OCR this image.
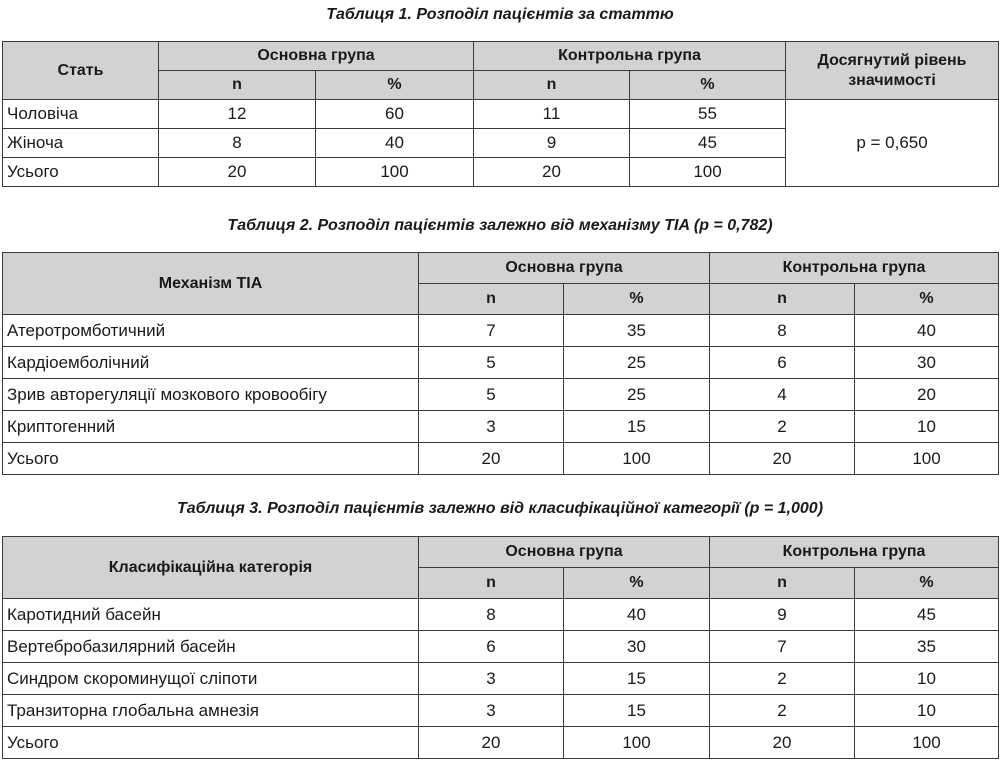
Таблиця 1. Розподіл пацієнтів за статтю
Стать	Основна група		Контрольна група		Досягнутий рівень значимості
	n	%	n	%	
Чоловіча	12	60	11	55	p = 0,650
Жіноча	8	40	9	45	
Усього	20	100	20	100	
Таблиця 2. Розподіл пацієнтів залежно від механізму TIA (p = 0,782)
Механізм TIA	Основна група		Контрольна група	
	n	%	n	%
Атеротромботичний	7	35	8	40
Кардіоемболічний	5	25	6	30
Зрив авторегуляції мозкового кровообігу	5	25	4	20
Криптогенний	3	15	2	10
Усього	20	100	20	100
Таблиця 3. Розподіл пацієнтів залежно від класифікаційної категорії (p = 1,000)
Класифікаційна категорія	Основна група		Контрольна група	
	n	%	n	%
Каротидний басейн	8	40	9	45
Вертебробазилярний басейн	6	30	7	35
Синдром скороминущої сліпоти	3	15	2	10
Транзиторна глобальна амнезія	3	15	2	10
Усього	20	100	20	100
